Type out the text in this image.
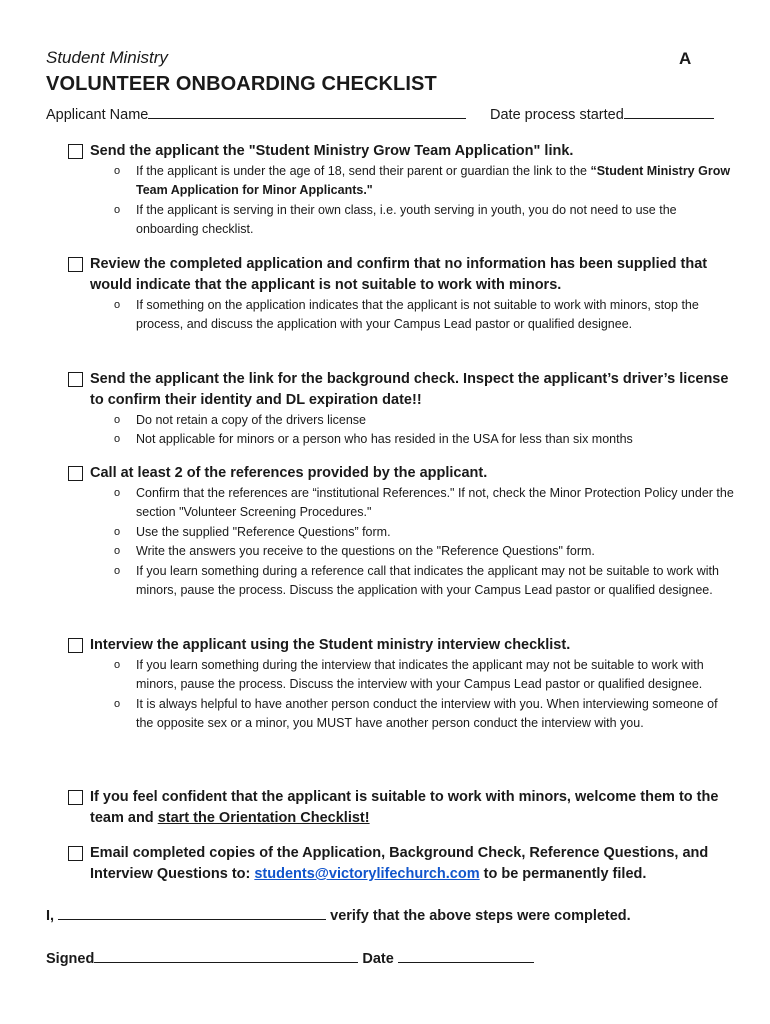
Student Ministry	A
VOLUNTEER ONBOARDING CHECKLIST
Applicant Name	Date process started
Send the applicant the "Student Ministry Grow Team Application" link.
o If the applicant is under the age of 18, send their parent or guardian the link to the “Student Ministry Grow Team Application for Minor Applicants."
o If the applicant is serving in their own class, i.e. youth serving in youth, you do not need to use the onboarding checklist.
Review the completed application and confirm that no information has been supplied that would indicate that the applicant is not suitable to work with minors.
o If something on the application indicates that the applicant is not suitable to work with minors, stop the process, and discuss the application with your Campus Lead pastor or qualified designee.
Send the applicant the link for the background check. Inspect the applicant’s driver’s license to confirm their identity and DL expiration date!!
o Do not retain a copy of the drivers license
o Not applicable for minors or a person who has resided in the USA for less than six months
Call at least 2 of the references provided by the applicant.
o Confirm that the references are “institutional References." If not, check the Minor Protection Policy under the section "Volunteer Screening Procedures."
o Use the supplied "Reference Questions” form.
o Write the answers you receive to the questions on the "Reference Questions" form.
o If you learn something during a reference call that indicates the applicant may not be suitable to work with minors, pause the process. Discuss the application with your Campus Lead pastor or qualified designee.
Interview the applicant using the Student ministry interview checklist.
o If you learn something during the interview that indicates the applicant may not be suitable to work with minors, pause the process. Discuss the interview with your Campus Lead pastor or qualified designee.
o It is always helpful to have another person conduct the interview with you. When interviewing someone of the opposite sex or a minor, you MUST have another person conduct the interview with you.
If you feel confident that the applicant is suitable to work with minors, welcome them to the team and start the Orientation Checklist!
Email completed copies of the Application, Background Check, Reference Questions, and Interview Questions to: students@victorylifechurch.com to be permanently filed.
I,	verify that the above steps were completed.
Signed	Date
